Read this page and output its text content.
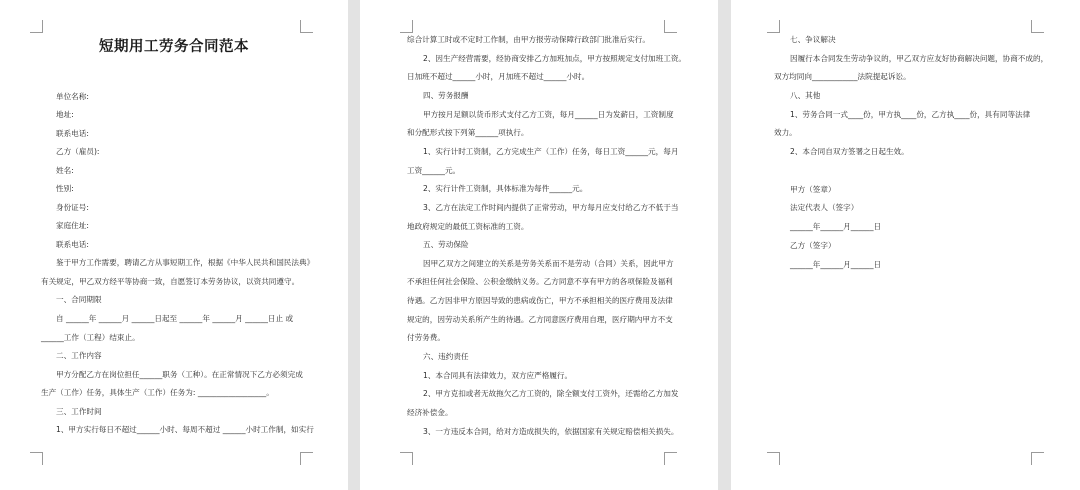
短期用工劳务合同范本
单位名称:
地址:
联系电话:
乙方（雇员):
姓名:
性别:
身份证号:
家庭住址:
联系电话:
鉴于甲方工作需要，聘请乙方从事短期工作，根据《中华人民共和国民法典》
有关规定，甲乙双方经平等协商一致，自愿签订本劳务协议，以资共同遵守。
一、合同期限
自 ______年 ______月 ______日起至 ______年 ______月 ______日止 或
______工作（工程）结束止。
二、工作内容
甲方分配乙方在岗位担任______职务（工种）。在正常情况下乙方必须完成
生产（工作）任务，具体生产（工作）任务为: __________________。
三、工作时间
1、甲方实行每日不超过______小时、每周不超过 ______小时工作制，如实行
综合计算工时或不定时工作制，由甲方报劳动保障行政部门批准后实行。
2、因生产经营需要，经协商安排乙方加班加点，甲方按照规定支付加班工资。
日加班不超过______小时，月加班不超过______小时。
四、劳务报酬
甲方按月足额以货币形式支付乙方工资，每月______日为发薪日，工资制度
和分配形式按下列第______项执行。
1、实行计时工资制，乙方完成生产（工作）任务，每日工资______元，每月
工资______元。
2、实行计件工资制，具体标准为每件______元。
3、乙方在法定工作时间内提供了正常劳动，甲方每月应支付给乙方不低于当
地政府规定的最低工资标准的工资。
五、劳动保险
因甲乙双方之间建立的关系是劳务关系而不是劳动（合同）关系，因此甲方
不承担任何社会保险、公积金缴纳义务。乙方同意不享有甲方的各项保险及福利
待遇。乙方因非甲方原因导致的患病或伤亡，甲方不承担相关的医疗费用及法律
规定的，因劳动关系所产生的待遇。乙方同意医疗费用自理，医疗期内甲方不支
付劳务费。
六、违约责任
1、本合同具有法律效力，双方应严格履行。
2、甲方克扣或者无故拖欠乙方工资的，除全额支付工资外，还需给乙方加发
经济补偿金。
3、一方违反本合同，给对方造成损失的，依据国家有关规定赔偿相关损失。
七、争议解决
因履行本合同发生劳动争议的，甲乙双方应友好协商解决问题，协商不成的，
双方均同向____________法院提起诉讼。
八、其他
1、劳务合同一式____份，甲方执____份，乙方执____份，具有同等法律
效力。
2、本合同自双方签署之日起生效。
甲方（签章）
法定代表人（签字）
______年______月______日
乙方（签字）
______年______月______日
